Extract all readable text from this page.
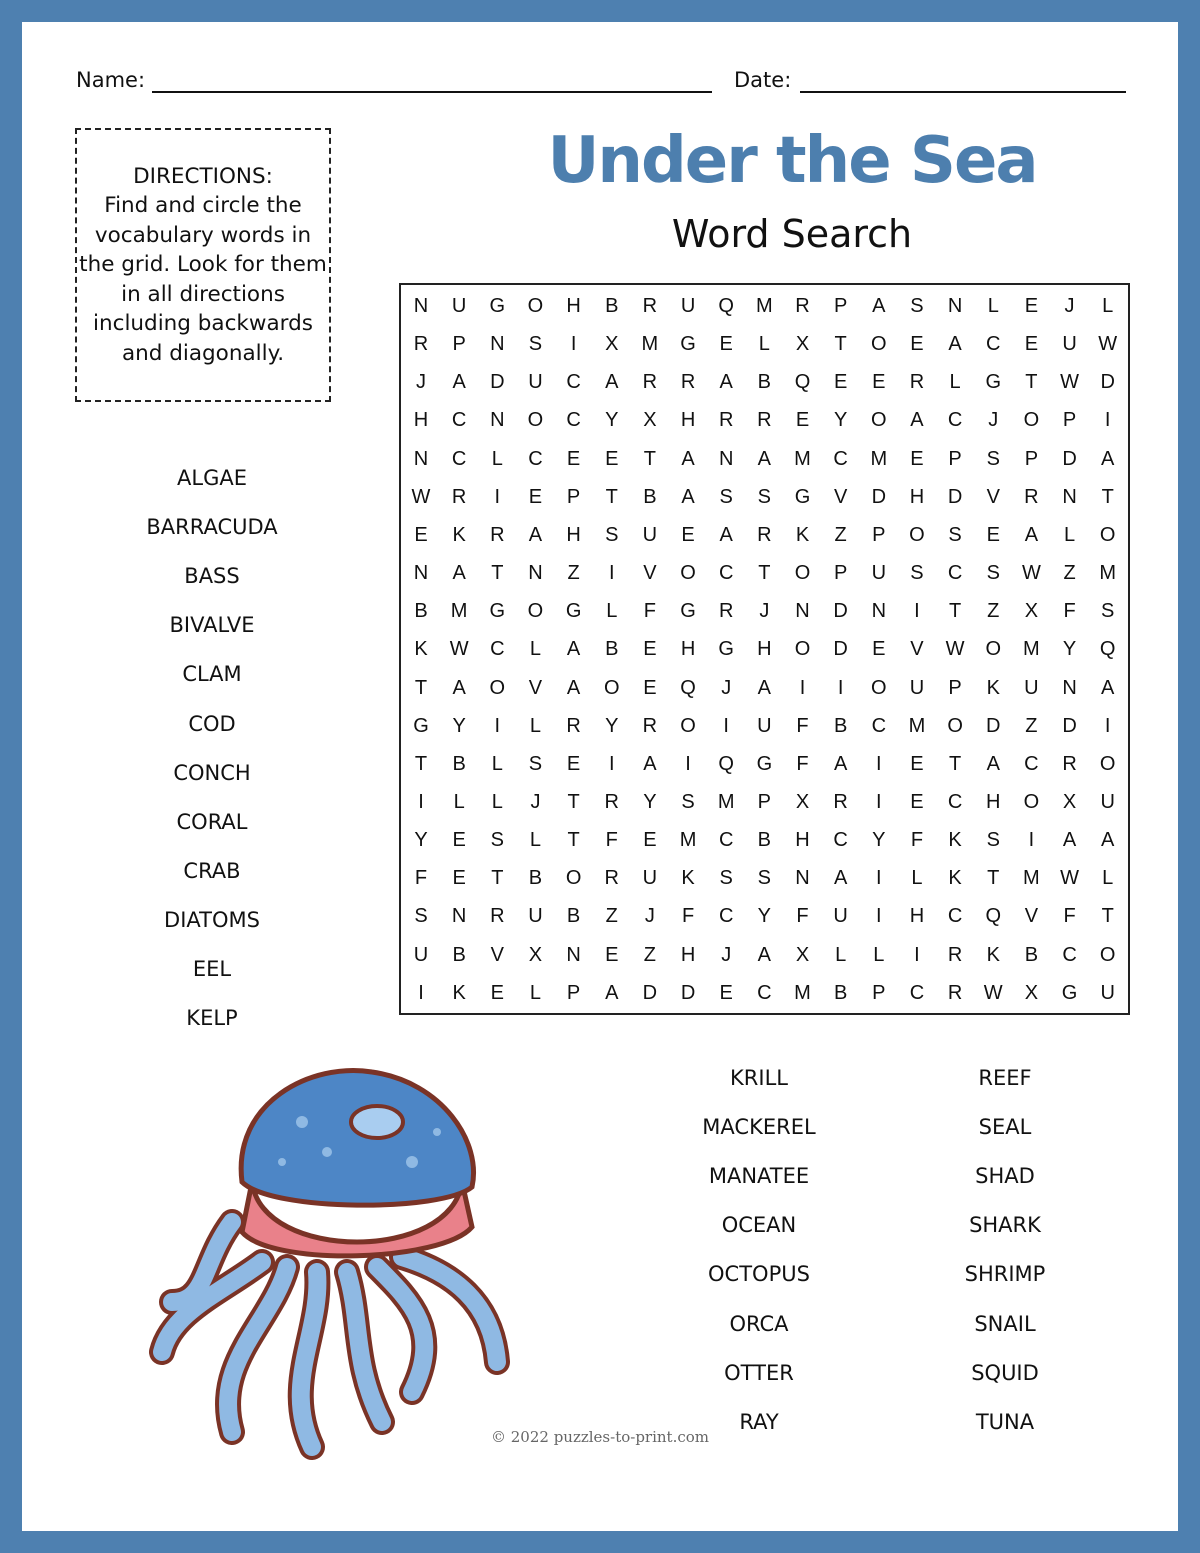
Name:	Date:

DIRECTIONS:
Find and circle the vocabulary words in the grid. Look for them in all directions including backwards and diagonally.

Under the Sea
Word Search
N	U	G	O	H	B	R	U	Q	M	R	P	A	S	N	L	E	J	L
R	P	N	S	I	X	M	G	E	L	X	T	O	E	A	C	E	U	W
J	A	D	U	C	A	R	R	A	B	Q	E	E	R	L	G	T	W	D
H	C	N	O	C	Y	X	H	R	R	E	Y	O	A	C	J	O	P	I
N	C	L	C	E	E	T	A	N	A	M	C	M	E	P	S	P	D	A
W	R	I	E	P	T	B	A	S	S	G	V	D	H	D	V	R	N	T
E	K	R	A	H	S	U	E	A	R	K	Z	P	O	S	E	A	L	O
N	A	T	N	Z	I	V	O	C	T	O	P	U	S	C	S	W	Z	M
B	M	G	O	G	L	F	G	R	J	N	D	N	I	T	Z	X	F	S
K	W	C	L	A	B	E	H	G	H	O	D	E	V	W	O	M	Y	Q
T	A	O	V	A	O	E	Q	J	A	I	I	O	U	P	K	U	N	A
G	Y	I	L	R	Y	R	O	I	U	F	B	C	M	O	D	Z	D	I
T	B	L	S	E	I	A	I	Q	G	F	A	I	E	T	A	C	R	O
I	L	L	J	T	R	Y	S	M	P	X	R	I	E	C	H	O	X	U
Y	E	S	L	T	F	E	M	C	B	H	C	Y	F	K	S	I	A	A
F	E	T	B	O	R	U	K	S	S	N	A	I	L	K	T	M	W	L
S	N	R	U	B	Z	J	F	C	Y	F	U	I	H	C	Q	V	F	T
U	B	V	X	N	E	Z	H	J	A	X	L	L	I	R	K	B	C	O
I	K	E	L	P	A	D	D	E	C	M	B	P	C	R	W	X	G	U
ALGAE
BARRACUDA
BASS
BIVALVE
CLAM
COD
CONCH
CORAL
CRAB
DIATOMS
EEL
KELP
KRILL
MACKEREL
MANATEE
OCEAN
OCTOPUS
ORCA
OTTER
RAY
REEF
SEAL
SHAD
SHARK
SHRIMP
SNAIL
SQUID
TUNA
© 2022 puzzles-to-print.com
